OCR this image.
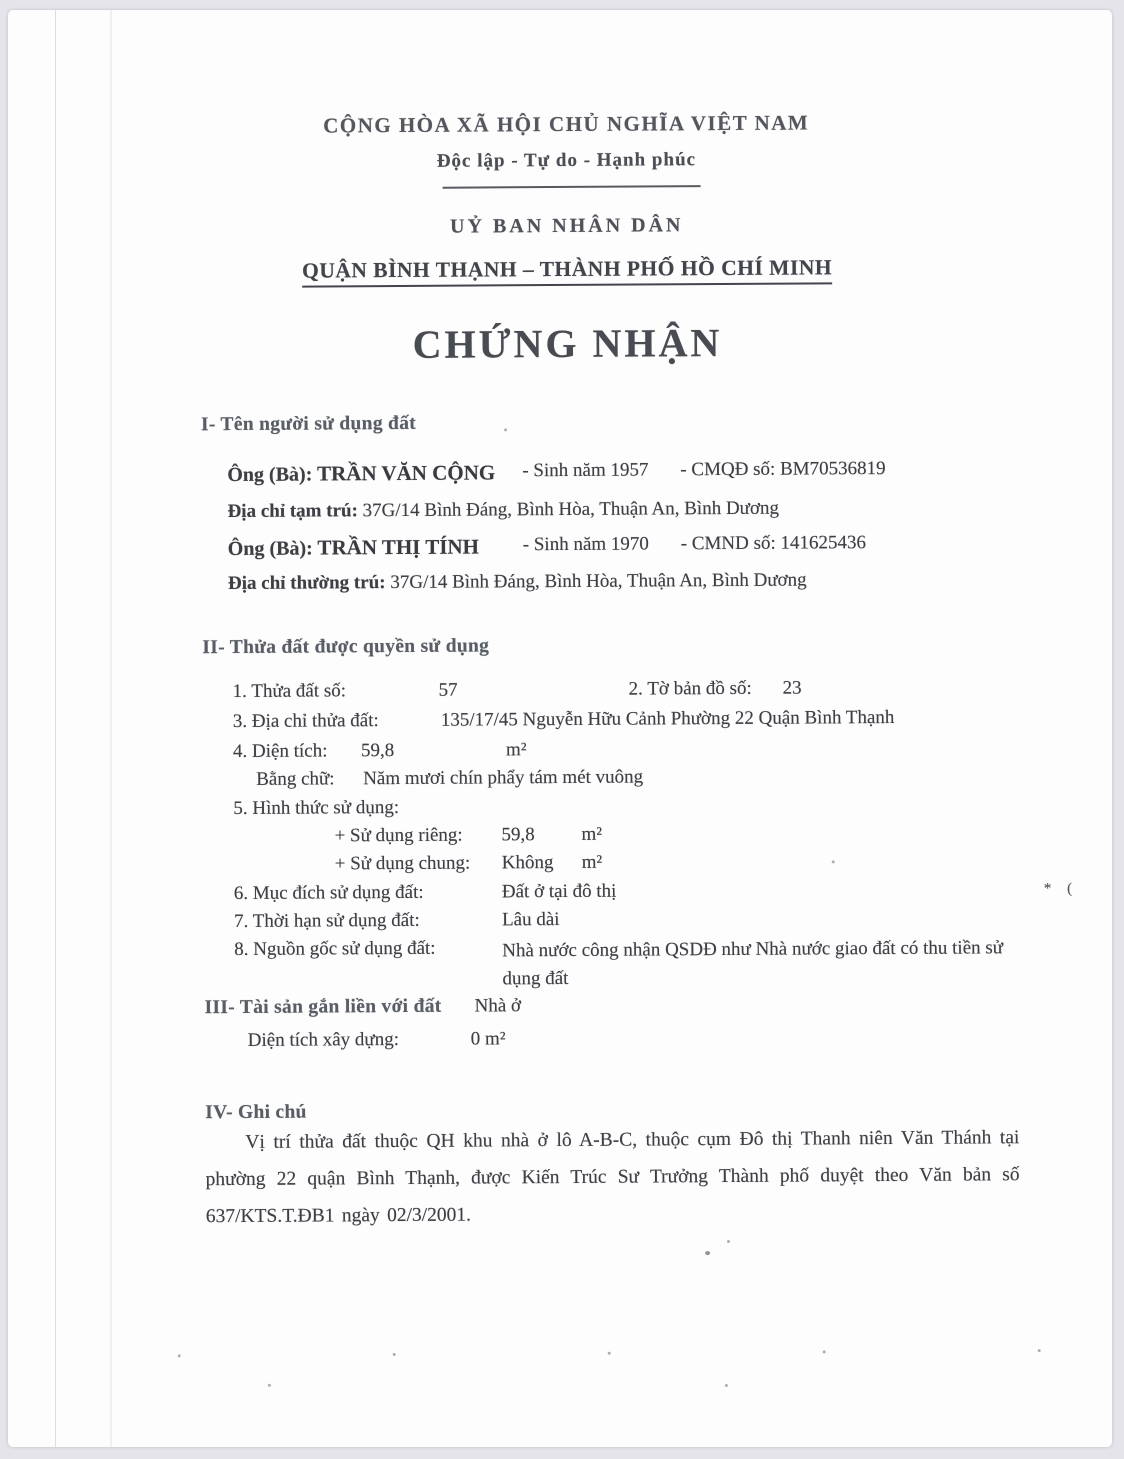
CỘNG HÒA XÃ HỘI CHỦ NGHĨA VIỆT NAM
Độc lập - Tự do - Hạnh phúc
UỶ BAN NHÂN DÂN
QUẬN BÌNH THẠNH – THÀNH PHỐ HỒ CHÍ MINH
CHỨNG NHẬN
I- Tên người sử dụng đất
Ông (Bà): TRẦN VĂN CỘNG - Sinh năm 1957 - CMQĐ số: BM70536819
Địa chỉ tạm trú: 37G/14 Bình Đáng, Bình Hòa, Thuận An, Bình Dương
Ông (Bà): TRẦN THỊ TÍNH - Sinh năm 1970 - CMND số: 141625436
Địa chỉ thường trú: 37G/14 Bình Đáng, Bình Hòa, Thuận An, Bình Dương
II- Thửa đất được quyền sử dụng
1. Thửa đất số:	57	2. Tờ bản đồ số: 23
3. Địa chỉ thửa đất:	135/17/45 Nguyễn Hữu Cảnh Phường 22 Quận Bình Thạnh
4. Diện tích: 59,8	m²
Bằng chữ: Năm mươi chín phẩy tám mét vuông
5. Hình thức sử dụng:
+ Sử dụng riêng: 59,8 m²
+ Sử dụng chung: Không m²
6. Mục đích sử dụng đất:	Đất ở tại đô thị
7. Thời hạn sử dụng đất:	Lâu dài
8. Nguồn gốc sử dụng đất:	Nhà nước công nhận QSDĐ như Nhà nước giao đất có thu tiền sử dụng đất
III- Tài sản gắn liền với đất Nhà ở
Diện tích xây dựng:	0 m²
IV- Ghi chú
Vị trí thửa đất thuộc QH khu nhà ở lô A-B-C, thuộc cụm Đô thị Thanh niên Văn Thánh tại phường 22 quận Bình Thạnh, được Kiến Trúc Sư Trưởng Thành phố duyệt theo Văn bản số 637/KTS.T.ĐB1 ngày 02/3/2001.
* (
